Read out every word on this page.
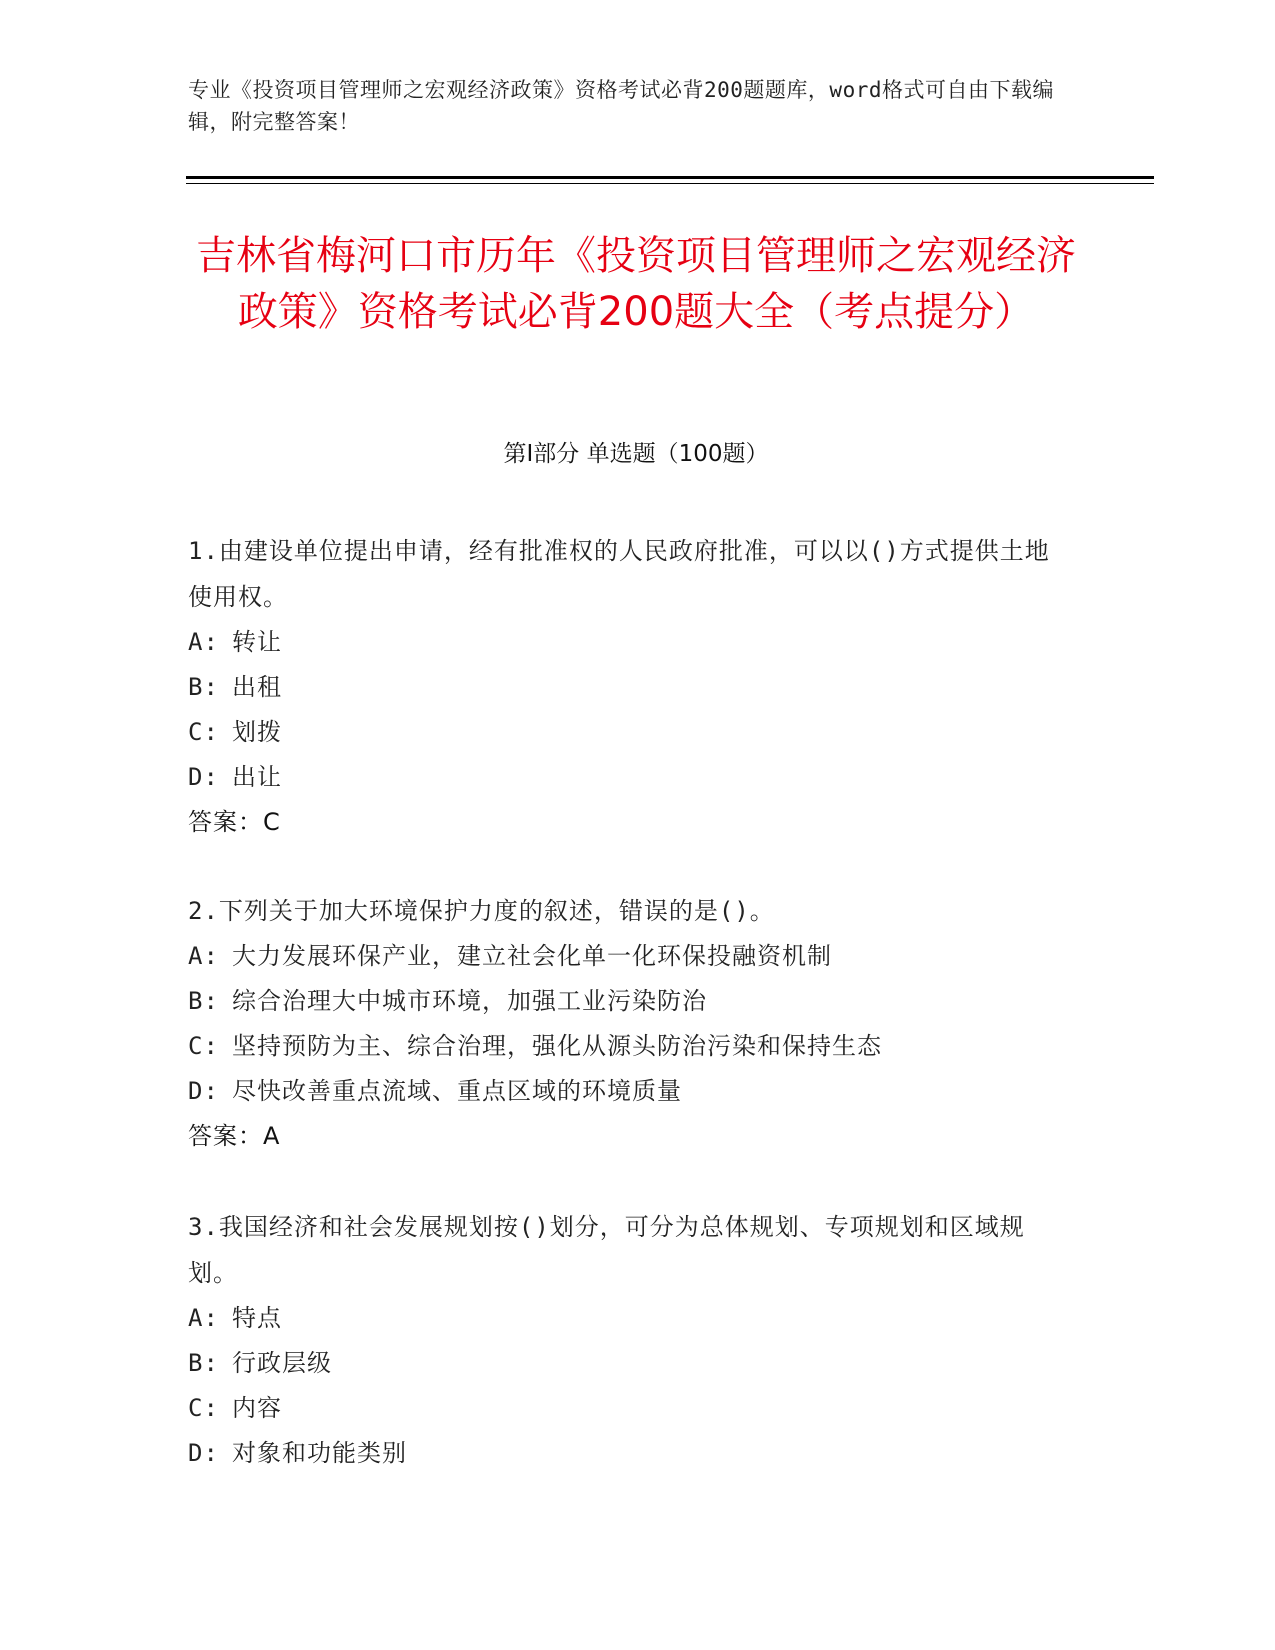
专业《投资项目管理师之宏观经济政策》资格考试必背200题题库，word格式可自由下载编辑，附完整答案！
吉林省梅河口市历年《投资项目管理师之宏观经济政策》资格考试必背200题大全（考点提分）
第I部分 单选题（100题）
1.由建设单位提出申请，经有批准权的人民政府批准，可以以()方式提供土地使用权。
A: 转让
B: 出租
C: 划拨
D: 出让
答案：C
2.下列关于加大环境保护力度的叙述，错误的是()。
A: 大力发展环保产业，建立社会化单一化环保投融资机制
B: 综合治理大中城市环境，加强工业污染防治
C: 坚持预防为主、综合治理，强化从源头防治污染和保持生态
D: 尽快改善重点流域、重点区域的环境质量
答案：A
3.我国经济和社会发展规划按()划分，可分为总体规划、专项规划和区域规划。
A: 特点
B: 行政层级
C: 内容
D: 对象和功能类别
